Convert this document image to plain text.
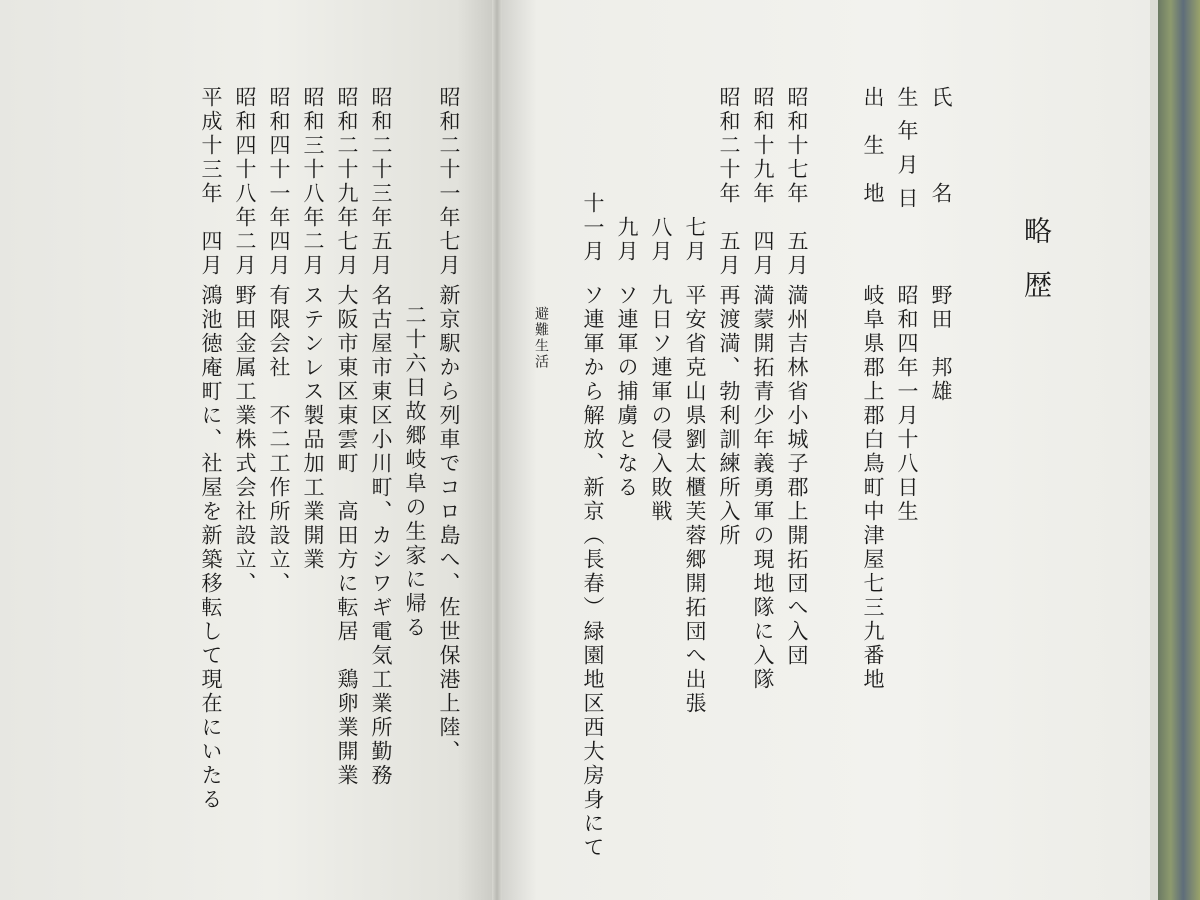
略歴
氏　　　名
野田　邦雄
生 年 月 日
昭和四年一月十八日生
出　生　地
岐阜県郡上郡白鳥町中津屋七三九番地
昭和十七年　五月
満州吉林省小城子郡上開拓団へ入団
昭和十九年　四月
満蒙開拓青少年義勇軍の現地隊に入隊
昭和二十年　五月
再渡満、勃利訓練所入所
七月
平安省克山県劉太櫃芙蓉郷開拓団へ出張
八月
九日ソ連軍の侵入敗戦
九月
ソ連軍の捕虜となる
十一月
ソ連軍から解放、新京（長春）緑園地区西大房身にて
避難生活
昭和二十一年七月
新京駅から列車でコロ島へ、佐世保港上陸、
二十六日故郷岐阜の生家に帰る
昭和二十三年五月
名古屋市東区小川町、カシワギ電気工業所勤務
昭和二十九年七月
大阪市東区東雲町　高田方に転居　鶏卵業開業
昭和三十八年二月
ステンレス製品加工業開業
昭和四十一年四月
有限会社　不二工作所設立、
昭和四十八年二月
野田金属工業株式会社設立、
平成十三年　四月
鴻池徳庵町に、社屋を新築移転して現在にいたる
